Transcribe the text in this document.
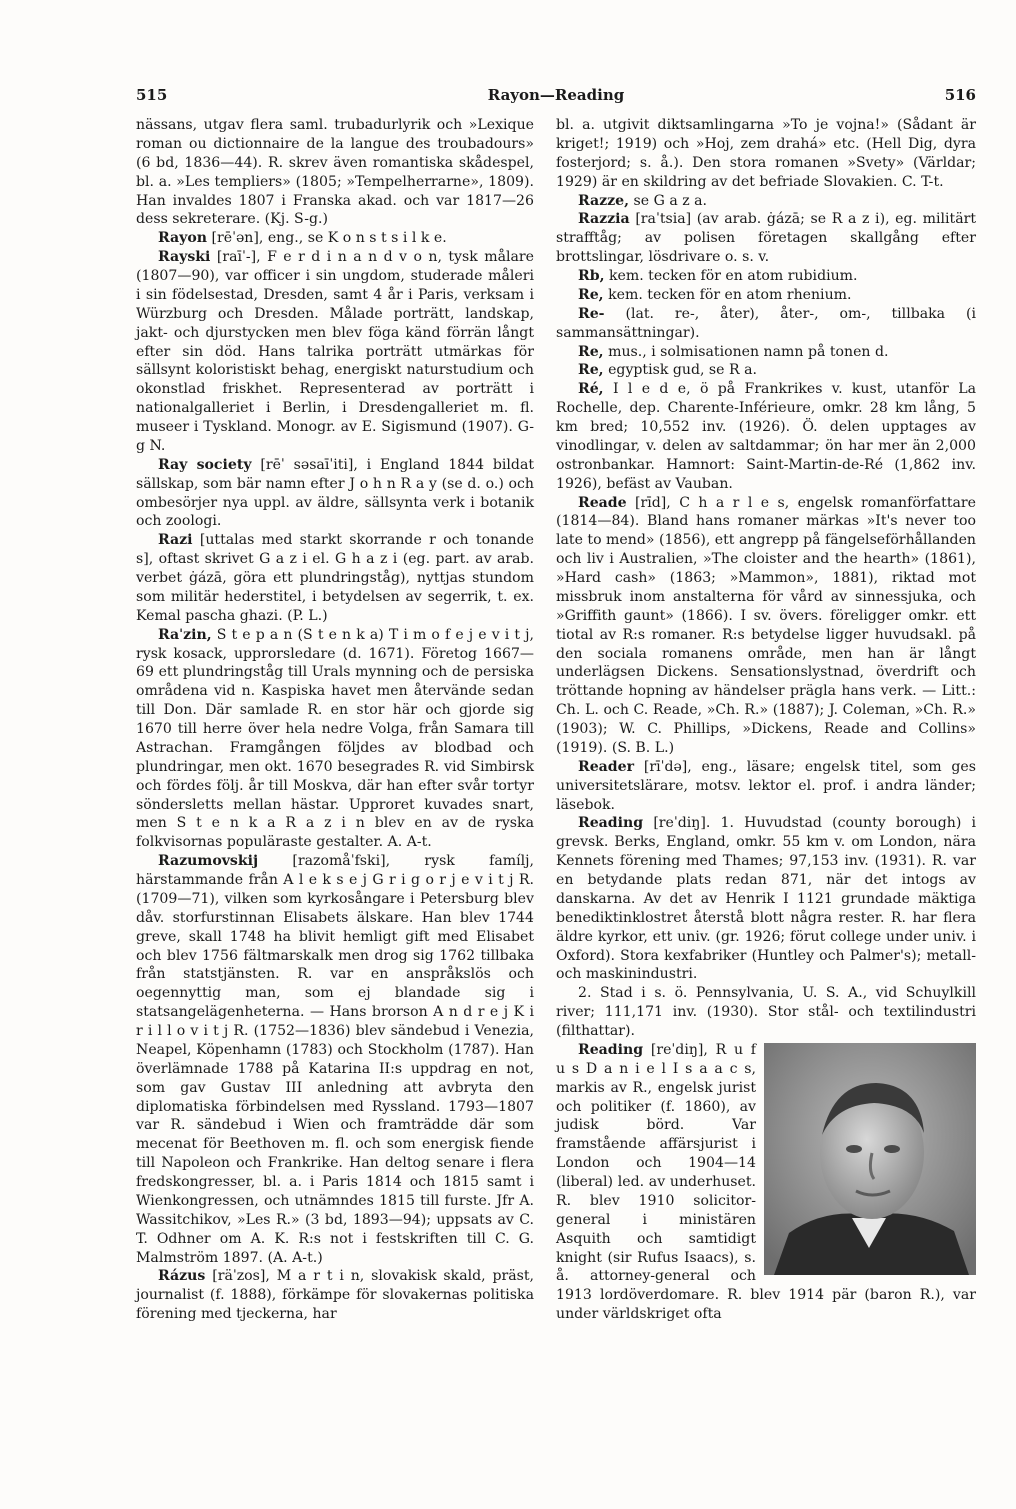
515	Rayon—Reading	516

nässans, utgav flera saml. trubadurlyrik och »Lexique roman ou dictionnaire de la langue des troubadours» (6 bd, 1836—44). R. skrev även romantiska skådespel, bl. a. »Les templiers» (1805; »Tempelherrarne», 1809). Han invaldes 1807 i Franska akad. och var 1817—26 dess sekreterare. (Kj. S-g.)

Rayon [rēˈən], eng., se K o n s t s i l k e.

Rayski [raīˈ-], F e r d i n a n d v o n, tysk målare (1807—90), var officer i sin ungdom, studerade måleri i sin födelsestad, Dresden, samt 4 år i Paris, verksam i Würzburg och Dresden. Målade porträtt, landskap, jakt- och djurstycken men blev föga känd förrän långt efter sin död. Hans talrika porträtt utmärkas för sällsynt koloristiskt behag, energiskt naturstudium och okonstlad friskhet. Representerad av porträtt i nationalgalleriet i Berlin, i Dresdengalleriet m. fl. museer i Tyskland. Monogr. av E. Sigismund (1907). G-g N.

Ray society [rēˈ səsaīˈiti], i England 1844 bildat sällskap, som bär namn efter J o h n R a y (se d. o.) och ombesörjer nya uppl. av äldre, sällsynta verk i botanik och zoologi.

Razi [uttalas med starkt skorrande r och tonande s], oftast skrivet G a z i el. G h a z i (eg. part. av arab. verbet ġázā, göra ett plundringståg), nyttjas stundom som militär hederstitel, i betydelsen av segerrik, t. ex. Kemal pascha ghazi. (P. L.)

Raˈzin, S t e p a n (S t e n k a) T i m o f e j e v i t j, rysk kosack, upprorsledare (d. 1671). Företog 1667—69 ett plundringståg till Urals mynning och de persiska områdena vid n. Kaspiska havet men återvände sedan till Don. Där samlade R. en stor här och gjorde sig 1670 till herre över hela nedre Volga, från Samara till Astrachan. Framgången följdes av blodbad och plundringar, men okt. 1670 besegrades R. vid Simbirsk och fördes följ. år till Moskva, där han efter svår tortyr söndersletts mellan hästar. Upproret kuvades snart, men S t e n k a R a z i n blev en av de ryska folkvisornas populäraste gestalter. A. A-t.

Razumovskij [razomåˈfski], rysk famílj, härstammande från A l e k s e j G r i g o r j e v i t j R. (1709—71), vilken som kyrkosångare i Petersburg blev dåv. storfurstinnan Elisabets älskare. Han blev 1744 greve, skall 1748 ha blivit hemligt gift med Elisabet och blev 1756 fältmarskalk men drog sig 1762 tillbaka från statstjänsten. R. var en anspråkslös och oegennyttig man, som ej blandade sig i statsangelägenheterna. — Hans brorson A n d r e j K i r i l l o v i t j R. (1752—1836) blev sändebud i Venezia, Neapel, Köpenhamn (1783) och Stockholm (1787). Han överlämnade 1788 på Katarina II:s uppdrag en not, som gav Gustav III anledning att avbryta den diplomatiska förbindelsen med Ryssland. 1793—1807 var R. sändebud i Wien och framträdde där som mecenat för Beethoven m. fl. och som energisk fiende till Napoleon och Frankrike. Han deltog senare i flera fredskongresser, bl. a. i Paris 1814 och 1815 samt i Wienkongressen, och utnämndes 1815 till furste. Jfr A. Wassitchikov, »Les R.» (3 bd, 1893—94); uppsats av C. T. Odhner om A. K. R:s not i festskriften till C. G. Malmström 1897. (A. A-t.)

Rázus [räˈzos], M a r t i n, slovakisk skald, präst, journalist (f. 1888), förkämpe för slovakernas politiska förening med tjeckerna, har

bl. a. utgivit diktsamlingarna »To je vojna!» (Sådant är kriget!; 1919) och »Hoj, zem drahá» etc. (Hell Dig, dyra fosterjord; s. å.). Den stora romanen »Svety» (Världar; 1929) är en skildring av det befriade Slovakien. C. T-t.

Razze, se G a z a.

Razzia [raˈtsia] (av arab. ġázā; se R a z i), eg. militärt strafftåg; av polisen företagen skallgång efter brottslingar, lösdrivare o. s. v.

Rb, kem. tecken för en atom rubidium.

Re, kem. tecken för en atom rhenium.

Re- (lat. re-, åter), åter-, om-, tillbaka (i sammansättningar).

Re, mus., i solmisationen namn på tonen d.

Re, egyptisk gud, se R a.

Ré, I l e d e, ö på Frankrikes v. kust, utanför La Rochelle, dep. Charente-Inférieure, omkr. 28 km lång, 5 km bred; 10,552 inv. (1926). Ö. delen upptages av vinodlingar, v. delen av saltdammar; ön har mer än 2,000 ostronbankar. Hamnort: Saint-Martin-de-Ré (1,862 inv. 1926), befäst av Vauban.

Reade [rīd], C h a r l e s, engelsk romanförfattare (1814—84). Bland hans romaner märkas »It's never too late to mend» (1856), ett angrepp på fängelseförhållanden och liv i Australien, »The cloister and the hearth» (1861), »Hard cash» (1863; »Mammon», 1881), riktad mot missbruk inom anstalterna för vård av sinnessjuka, och »Griffith gaunt» (1866). I sv. övers. föreligger omkr. ett tiotal av R:s romaner. R:s betydelse ligger huvudsakl. på den sociala romanens område, men han är långt underlägsen Dickens. Sensationslystnad, överdrift och tröttande hopning av händelser prägla hans verk. — Litt.: Ch. L. och C. Reade, »Ch. R.» (1887); J. Coleman, »Ch. R.» (1903); W. C. Phillips, »Dickens, Reade and Collins» (1919). (S. B. L.)

Reader [rīˈdə], eng., läsare; engelsk titel, som ges universitetslärare, motsv. lektor el. prof. i andra länder; läsebok.

Reading [reˈdiŋ]. 1. Huvudstad (county borough) i grevsk. Berks, England, omkr. 55 km v. om London, nära Kennets förening med Thames; 97,153 inv. (1931). R. var en betydande plats redan 871, när det intogs av danskarna. Av det av Henrik I 1121 grundade mäktiga benediktinklostret återstå blott några rester. R. har flera äldre kyrkor, ett univ. (gr. 1926; förut college under univ. i Oxford). Stora kexfabriker (Huntley och Palmer's); metall- och maskinindustri.

2. Stad i s. ö. Pennsylvania, U. S. A., vid Schuylkill river; 111,171 inv. (1930). Stor stål- och textilindustri (filthattar).

Reading [reˈdiŋ], R u f u s D a n i e l I s a a c s, markis av R., engelsk jurist och politiker (f. 1860), av judisk börd. Var framstående affärsjurist i London och 1904—14 (liberal) led. av underhuset. R. blev 1910 solicitor-general i ministären Asquith och samtidigt knight (sir Rufus Isaacs), s. å. attorney-general och 1913 lordöverdomare. R. blev 1914 pär (baron R.), var under världskriget ofta
